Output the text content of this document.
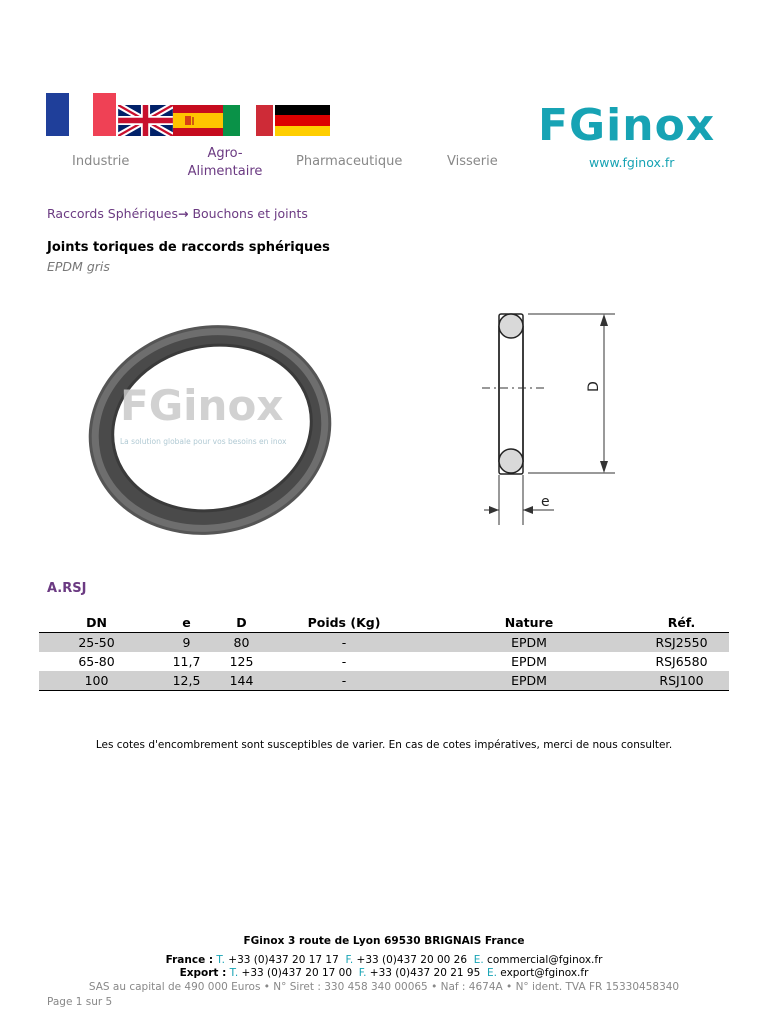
Industrie
Agro-
Alimentaire
Pharmaceutique	Visserie
FGinox
www.fginox.fr
Raccords Sphériques→ Bouchons et joints
Joints toriques de raccords sphériques
EPDM gris
FGinox
La solution globale pour vos besoins en inox
D
e
A.RSJ
DN	e	D	Poids (Kg)	Nature	Réf.
25-50	9	80	-	EPDM	RSJ2550
65-80	11,7	125	-	EPDM	RSJ6580
100	12,5	144	-	EPDM	RSJ100
Les cotes d'encombrement sont susceptibles de varier. En cas de cotes impératives, merci de nous consulter.
FGinox 3 route de Lyon 69530 BRIGNAIS France
France : T. +33 (0)437 20 17 17 F. +33 (0)437 20 00 26 E. commercial@fginox.fr
Export : T. +33 (0)437 20 17 00 F. +33 (0)437 20 21 95 E. export@fginox.fr
SAS au capital de 490 000 Euros • N° Siret : 330 458 340 00065 • Naf : 4674A • N° ident. TVA FR 15330458340
Page 1 sur 5
